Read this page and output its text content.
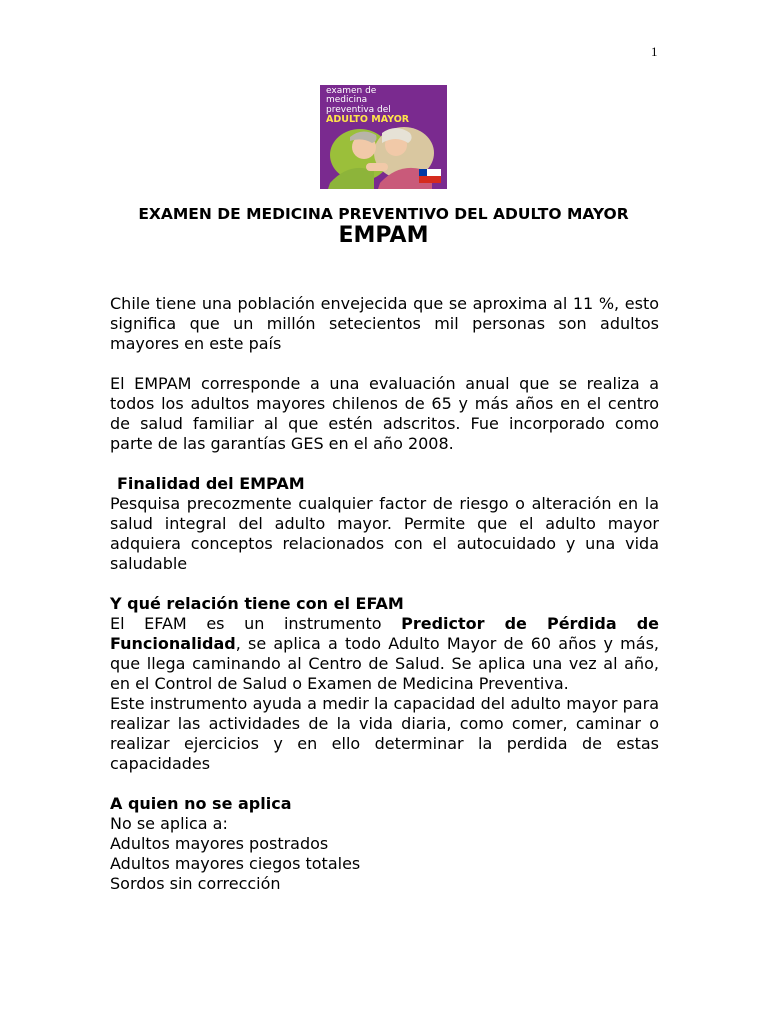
1
examen de
medicina
preventiva del
ADULTO MAYOR

EXAMEN DE MEDICINA PREVENTIVO DEL ADULTO MAYOR

EMPAM

Chile tiene una población envejecida que se aproxima al 11 %, esto significa que un millón setecientos mil personas son adultos mayores en este país

El EMPAM corresponde a una evaluación anual que se realiza a todos los adultos mayores chilenos de 65 y más años en el centro de salud familiar al que estén adscritos. Fue incorporado como parte de las garantías GES en el año 2008.

Finalidad del EMPAM

Pesquisa precozmente cualquier factor de riesgo o alteración en la salud integral del adulto mayor. Permite que el adulto mayor adquiera conceptos relacionados con el autocuidado y una vida saludable

Y qué relación tiene con el EFAM

El EFAM es un instrumento Predictor de Pérdida de Funcionalidad, se aplica a todo Adulto Mayor de 60 años y más, que llega caminando al Centro de Salud. Se aplica una vez al año, en el Control de Salud o Examen de Medicina Preventiva.

Este instrumento ayuda a medir la capacidad del adulto mayor para realizar las actividades de la vida diaria, como comer, caminar o realizar ejercicios y en ello determinar la perdida de estas capacidades

A quien no se aplica

No se aplica a:

Adultos mayores postrados
Adultos mayores ciegos totales
Sordos sin corrección
